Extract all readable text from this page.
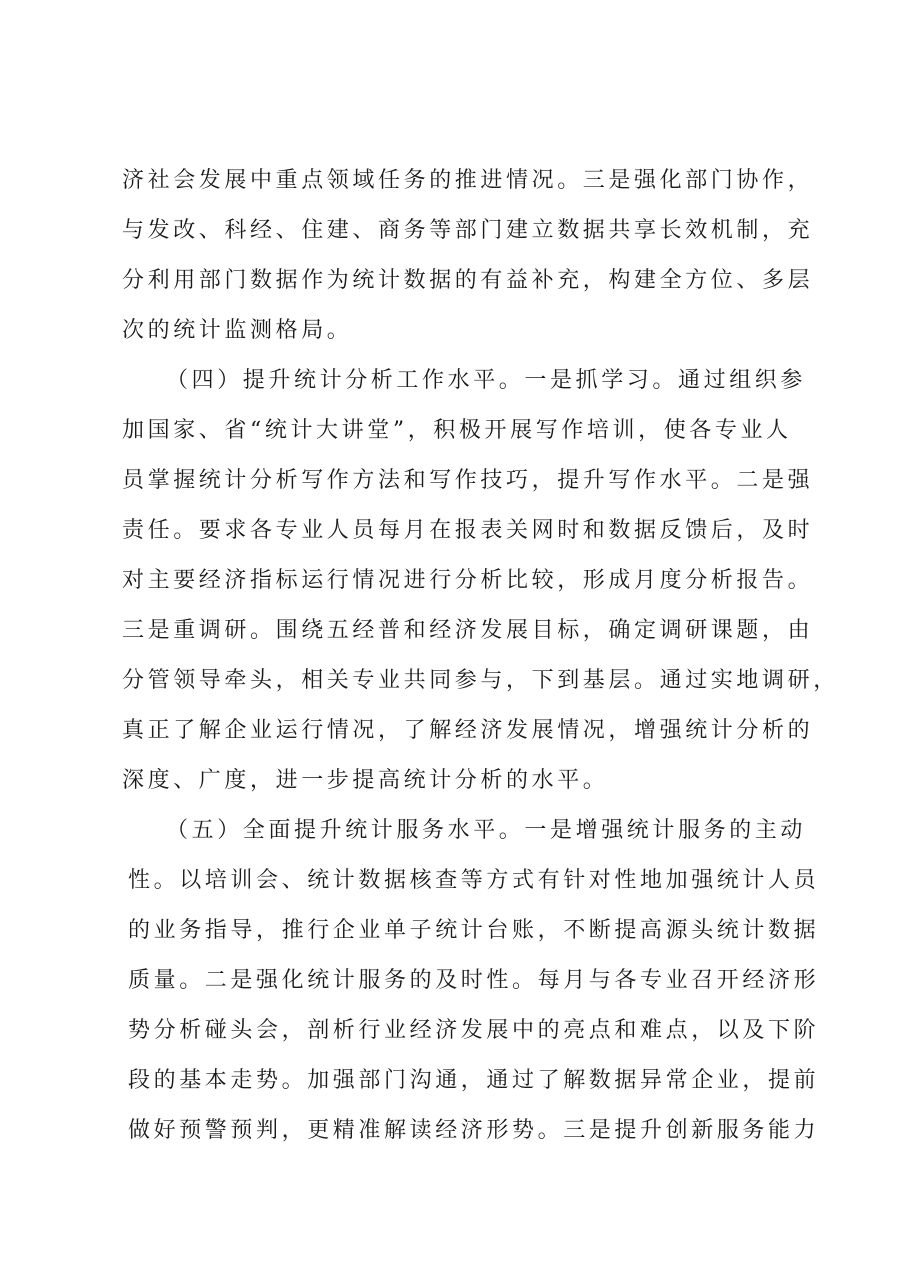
济社会发展中重点领域任务的推进情况。三是强化部门协作，

与发改、科经、住建、商务等部门建立数据共享长效机制，充

分利用部门数据作为统计数据的有益补充，构建全方位、多层

次的统计监测格局。

（四）提升统计分析工作水平。一是抓学习。通过组织参

加国家、省“统计大讲堂”，积极开展写作培训，使各专业人

员掌握统计分析写作方法和写作技巧，提升写作水平。二是强

责任。要求各专业人员每月在报表关网时和数据反馈后，及时

对主要经济指标运行情况进行分析比较，形成月度分析报告。

三是重调研。围绕五经普和经济发展目标，确定调研课题，由

分管领导牵头，相关专业共同参与，下到基层。通过实地调研，

真正了解企业运行情况，了解经济发展情况，增强统计分析的

深度、广度，进一步提高统计分析的水平。

（五）全面提升统计服务水平。一是增强统计服务的主动

性。以培训会、统计数据核查等方式有针对性地加强统计人员

的业务指导，推行企业单子统计台账，不断提高源头统计数据

质量。二是强化统计服务的及时性。每月与各专业召开经济形

势分析碰头会，剖析行业经济发展中的亮点和难点，以及下阶

段的基本走势。加强部门沟通，通过了解数据异常企业，提前

做好预警预判，更精准解读经济形势。三是提升创新服务能力
